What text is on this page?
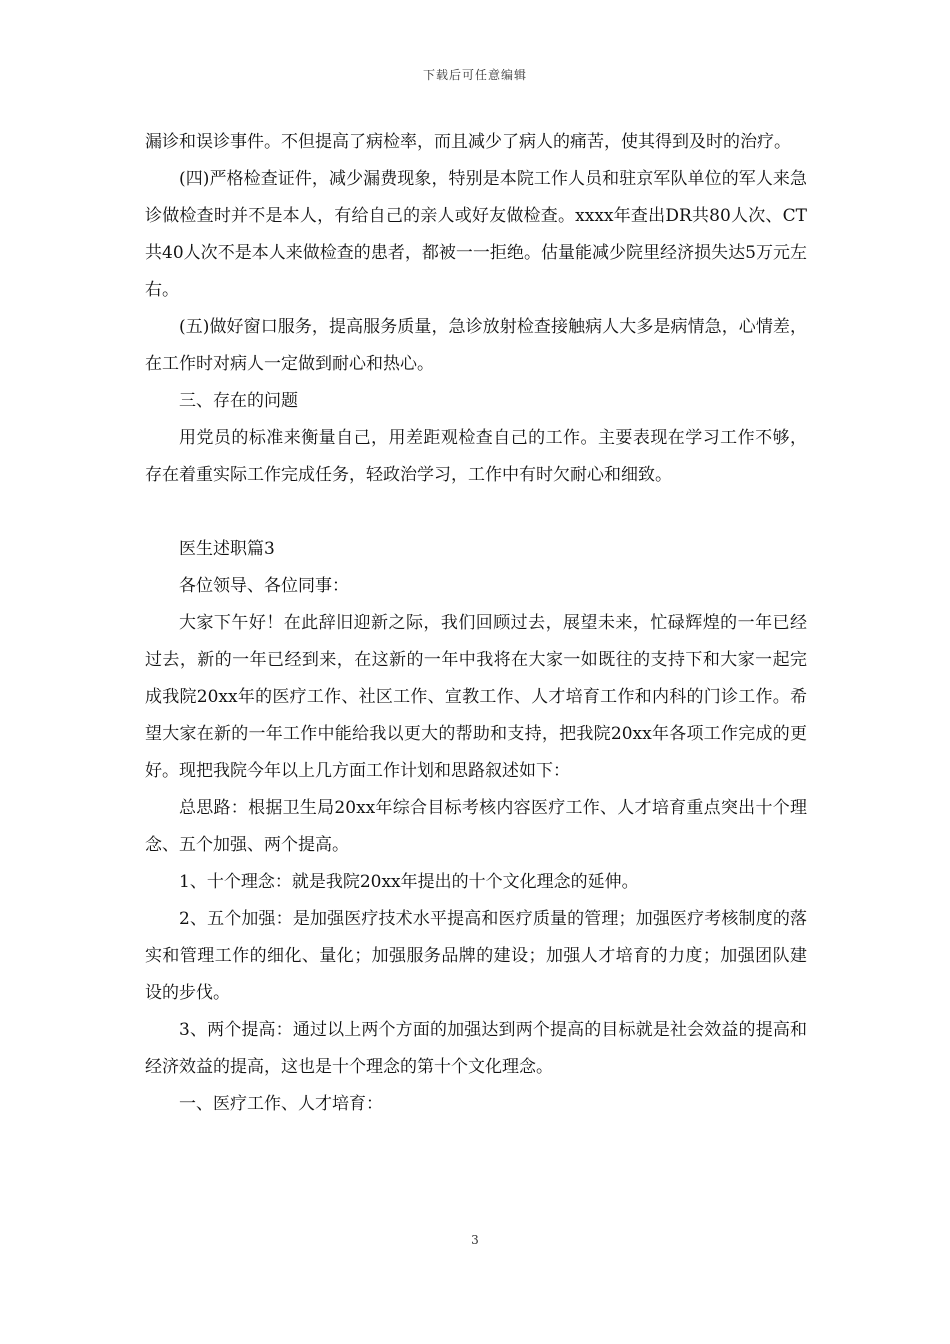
下载后可任意编辑

漏诊和误诊事件。不但提高了病检率，而且减少了病人的痛苦，使其得到及时的治疗。

(四)严格检查证件，减少漏费现象，特别是本院工作人员和驻京军队单位的军人来急诊做检查时并不是本人，有给自己的亲人或好友做检查。xxxx年查出DR共80人次、CT共40人次不是本人来做检查的患者，都被一一拒绝。估量能减少院里经济损失达5万元左右。

(五)做好窗口服务，提高服务质量，急诊放射检查接触病人大多是病情急，心情差，在工作时对病人一定做到耐心和热心。

三、存在的问题

用党员的标准来衡量自己，用差距观检查自己的工作。主要表现在学习工作不够，存在着重实际工作完成任务，轻政治学习，工作中有时欠耐心和细致。

医生述职篇3

各位领导、各位同事：

大家下午好！在此辞旧迎新之际，我们回顾过去，展望未来，忙碌辉煌的一年已经过去，新的一年已经到来，在这新的一年中我将在大家一如既往的支持下和大家一起完成我院20xx年的医疗工作、社区工作、宣教工作、人才培育工作和内科的门诊工作。希望大家在新的一年工作中能给我以更大的帮助和支持，把我院20xx年各项工作完成的更好。现把我院今年以上几方面工作计划和思路叙述如下：

总思路：根据卫生局20xx年综合目标考核内容医疗工作、人才培育重点突出十个理念、五个加强、两个提高。

1、十个理念：就是我院20xx年提出的十个文化理念的延伸。

2、五个加强：是加强医疗技术水平提高和医疗质量的管理；加强医疗考核制度的落实和管理工作的细化、量化；加强服务品牌的建设；加强人才培育的力度；加强团队建设的步伐。

3、两个提高：通过以上两个方面的加强达到两个提高的目标就是社会效益的提高和经济效益的提高，这也是十个理念的第十个文化理念。

一、医疗工作、人才培育：

3
